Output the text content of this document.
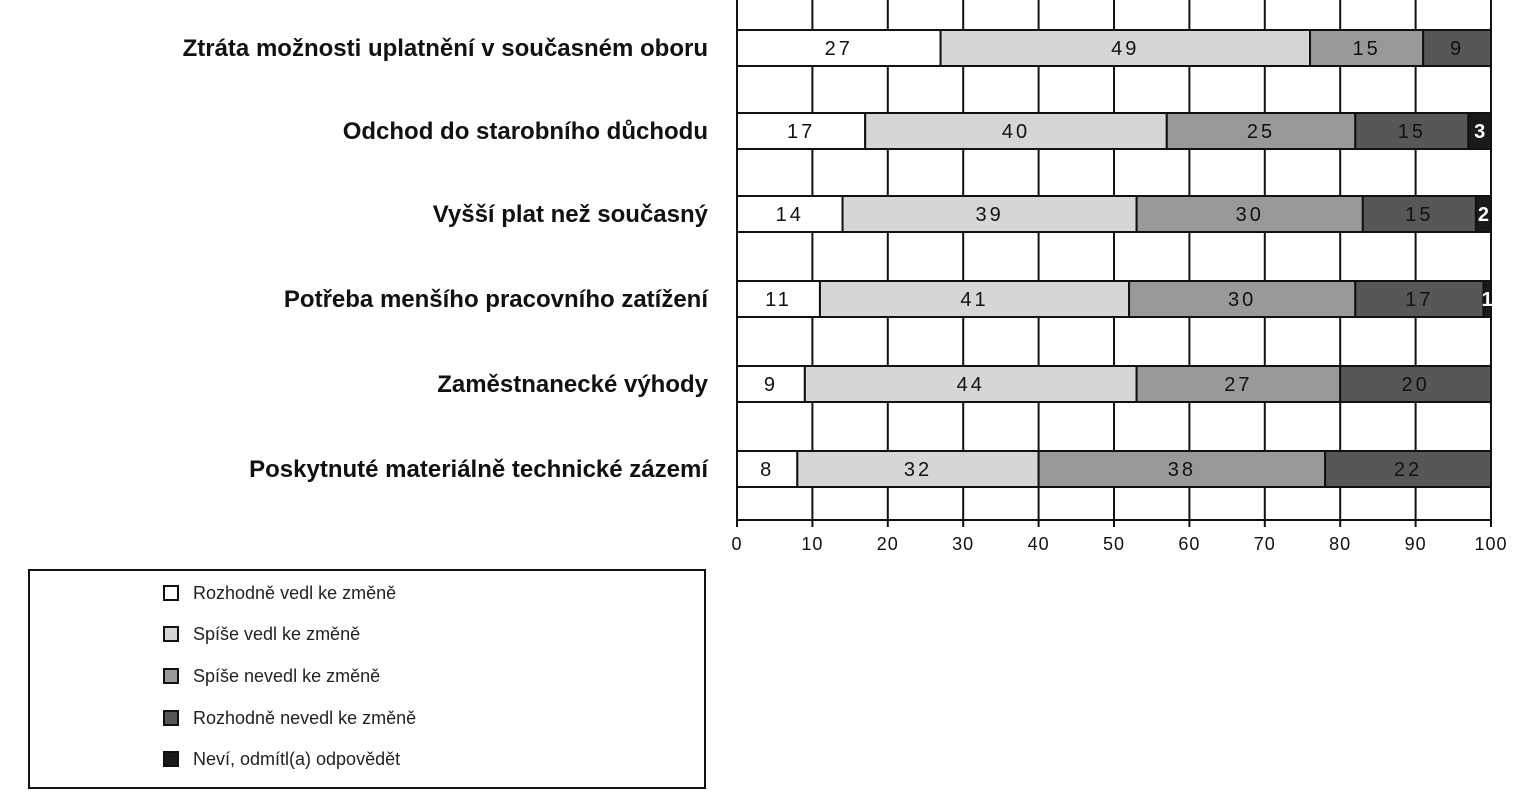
27	49	15	9
17	40	25	15 3
14	39	30	15 2
11	41	30	17 1
9	44	27	20
8	32	38	22
0	10	20	30	40	50	60	70	80	90	100
Ztráta možnosti uplatnění v současném oboru
Odchod do starobního důchodu
Vyšší plat než současný
Potřeba menšího pracovního zatížení
Zaměstnanecké výhody
Poskytnuté materiálně technické zázemí
Rozhodně vedl ke změně
Spíše vedl ke změně
Spíše nevedl ke změně
Rozhodně nevedl ke změně
Neví, odmítl(a) odpovědět
